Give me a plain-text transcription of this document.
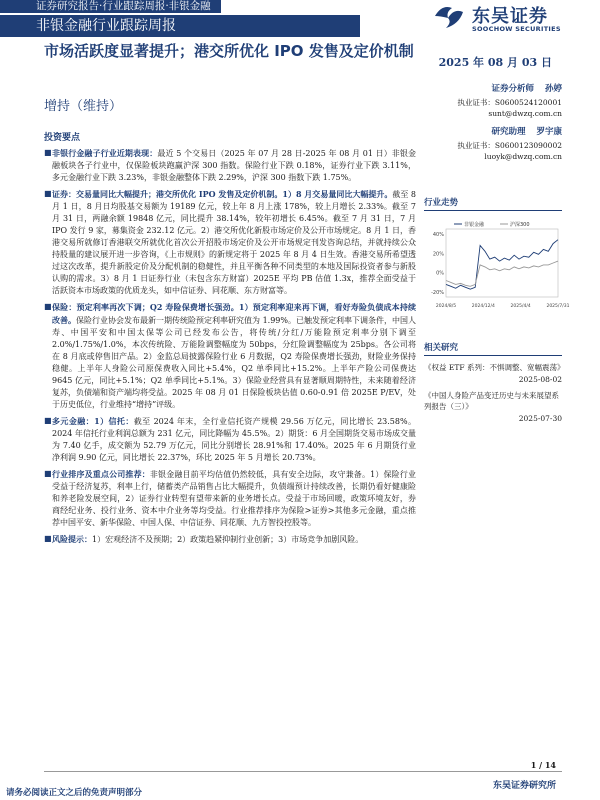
证券研究报告·行业跟踪周报·非银金融
非银金融行业跟踪周报	东吴证券
SOOCHOW SECURITIES
市场活跃度显著提升；港交所优化 IPO 发售及定价机制
增持（维持）
2025 年 08 月 03 日
投资要点
■ 非银行金融子行业近期表现：最近 5 个交易日（2025 年 07 月 28 日-2025 年 08 月 01 日）非银金融板块各子行业中，仅保险板块跑赢沪深 300 指数。保险行业下跌 0.18%，证券行业下跌 3.11%，多元金融行业下跌 3.23%，非银金融整体下跌 2.29%，沪深 300 指数下跌 1.75%。
■ 证券：交易量同比大幅提升；港交所优化 IPO 发售及定价机制。1）8 月交易量同比大幅提升。截至 8 月 1 日，8 月日均股基交易额为 19189 亿元，较上年 8 月上涨 178%，较上月增长 2.33%。截至 7 月 31 日，两融余额 19848 亿元，同比提升 38.14%，较年初增长 6.45%。截至 7 月 31 日，7 月 IPO 发行 9 家，募集资金 232.12 亿元。2）港交所优化新股市场定价及公开市场规定。8 月 1 日，香港交易所就修订香港联交所就优化首次公开招股市场定价及公开市场规定刊发咨询总结，并就持续公众持股量的建议展开进一步咨询，《上市规则》的新规定将于 2025 年 8 月 4 日生效。香港交易所希望透过这次改革，提升新股定价及分配机制的稳健性，并且平衡各种不同类型的本地及国际投资者参与新股认购的需求。3）8 月 1 日证券行业（未包含东方财富）2025E 平均 PB 估值 1.3x，推荐全面受益于活跃资本市场政策的优质龙头，如中信证券、同花顺、东方财富等。
■ 保险：预定利率再次下调；Q2 寿险保费增长强劲。1）预定利率迎来再下调，看好寿险负债成本持续改善。保险行业协会发布最新一期传统险预定利率研究值为 1.99%。已触发预定利率下调条件，中国人寿、中国平安和中国太保等公司已经发布公告，将传统/分红/万能险预定利率分别下调至 2.0%/1.75%/1.0%，本次传统险、万能险调整幅度为 50bps，分红险调整幅度为 25bps。各公司将在 8 月底或停售旧产品。2）金监总局披露保险行业 6 月数据，Q2 寿险保费增长强劲，财险业务保持稳健。上半年人身险公司原保费收入同比+5.4%，Q2 单季同比+15.2%。上半年产险公司保费达 9645 亿元，同比+5.1%；Q2 单季同比+5.1%。3）保险业经营具有显著顺周期特性，未来随着经济复苏，负债端和资产端均将受益。2025 年 08 月 01 日保险板块估值 0.60-0.91 倍 2025E P/EV，处于历史低位，行业维持“增持”评级。
■ 多元金融：1）信托：截至 2024 年末，全行业信托资产规模 29.56 万亿元，同比增长 23.58%。2024 年信托行业利润总额为 231 亿元，同比降幅为 45.5%。2）期货：6 月全国期货交易市场成交量为 7.40 亿手，成交额为 52.79 万亿元，同比分别增长 28.91%和 17.40%。2025 年 6 月期货行业净利润 9.90 亿元，同比增长 22.37%，环比 2025 年 5 月增长 20.73%。
■ 行业排序及重点公司推荐：非银金融目前平均估值仍然较低，具有安全边际，攻守兼备。1）保险行业受益于经济复苏，利率上行，储蓄类产品销售占比大幅提升，负债端预计持续改善，长期仍看好健康险和养老险发展空间，2）证券行业转型有望带来新的业务增长点。受益于市场回暖，政策环境友好，券商经纪业务、投行业务、资本中介业务等均受益。行业推荐排序为保险>证券>其他多元金融，重点推荐中国平安、新华保险、中国人保、中信证券、同花顺、九方智投控股等。
■ 风险提示：1）宏观经济不及预期；2）政策趋紧抑制行业创新；3）市场竞争加剧风险。
证券分析师 孙婷
执业证书：S0600524120001
sunt@dwzq.com.cn
研究助理 罗宇康
执业证书：S0600123090002
luoyk@dwzq.com.cn
行业走势
40%
20%
0%
-20%
2024/8/5	2024/12/4	2025/4/4	2025/7/31
非银金融	沪深300
相关研究
《权益 ETF 系列：不惧调整、宽幅震荡》
2025-08-02
《中国人身险产品变迁历史与未来展望系列报告（三）》
2025-07-30
1 / 14
东吴证券研究所
请务必阅读正文之后的免责声明部分
